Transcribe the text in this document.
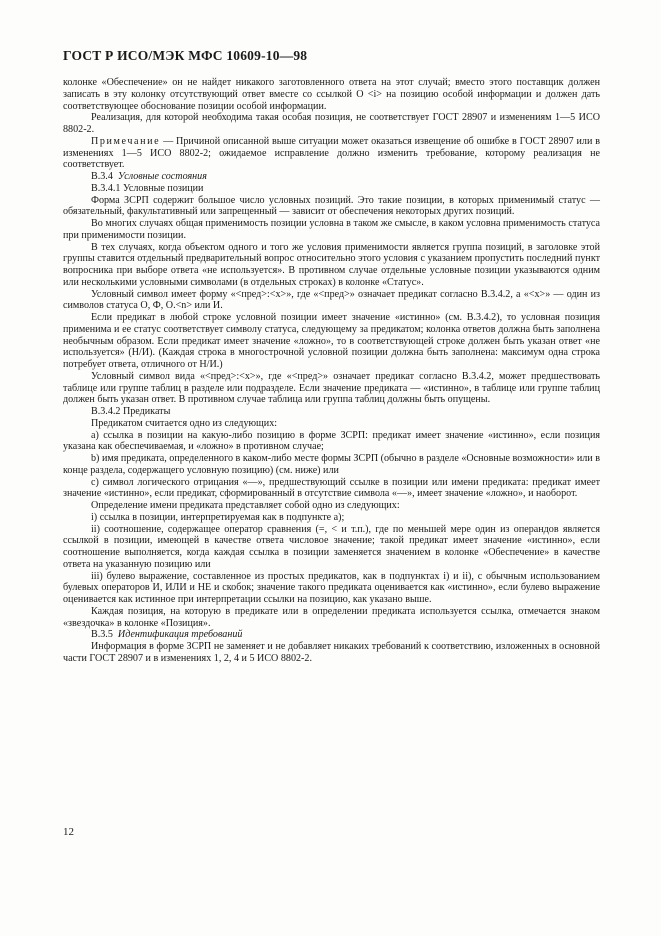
ГОСТ Р ИСО/МЭК МФС 10609-10—98

колонке «Обеспечение» он не найдет никакого заготовленного ответа на этот случай; вместо этого поставщик должен записать в эту колонку отсутствующий ответ вместе со ссылкой О <i> на позицию особой информации и должен дать соответствующее обоснование позиции особой информации.

Реализация, для которой необходима такая особая позиция, не соответствует ГОСТ 28907 и изменениям 1—5 ИСО 8802-2.

Примечание — Причиной описанной выше ситуации может оказаться извещение об ошибке в ГОСТ 28907 или в изменениях 1—5 ИСО 8802-2; ожидаемое исправление должно изменить требование, которому реализация не соответствует.

В.3.4 Условные состояния

В.3.4.1 Условные позиции

Форма ЗСРП содержит большое число условных позиций. Это такие позиции, в которых применимый статус — обязательный, факультативный или запрещенный — зависит от обеспечения некоторых других позиций.

Во многих случаях общая применимость позиции условна в таком же смысле, в каком условна применимость статуса при применимости позиции.

В тех случаях, когда объектом одного и того же условия применимости является группа позиций, в заголовке этой группы ставится отдельный предварительный вопрос относительно этого условия с указанием пропустить последний пункт вопросника при выборе ответа «не используется». В противном случае отдельные условные позиции указываются одним или несколькими условными символами (в отдельных строках) в колонке «Статус».

Условный символ имеет форму «<пред>:<х>», где «<пред>» означает предикат согласно В.3.4.2, а «<х>» — один из символов статуса О, Ф, О.<n> или И.

Если предикат в любой строке условной позиции имеет значение «истинно» (см. В.3.4.2), то условная позиция применима и ее статус соответствует символу статуса, следующему за предикатом; колонка ответов должна быть заполнена необычным образом. Если предикат имеет значение «ложно», то в соответствующей строке должен быть указан ответ «не используется» (Н/И). (Каждая строка в многострочной условной позиции должна быть заполнена: максимум одна строка потребует ответа, отличного от Н/И.)

Условный символ вида «<пред>:<х>», где «<пред>» означает предикат согласно В.3.4.2, может предшествовать таблице или группе таблиц в разделе или подразделе. Если значение предиката — «истинно», в таблице или группе таблиц должен быть указан ответ. В противном случае таблица или группа таблиц должны быть опущены.

В.3.4.2 Предикаты

Предикатом считается одно из следующих:

а) ссылка в позиции на какую-либо позицию в форме ЗСРП: предикат имеет значение «истинно», если позиция указана как обеспечиваемая, и «ложно» в противном случае;

b) имя предиката, определенного в каком-либо месте формы ЗСРП (обычно в разделе «Основные возможности» или в конце раздела, содержащего условную позицию) (см. ниже) или

с) символ логического отрицания «—», предшествующий ссылке в позиции или имени предиката: предикат имеет значение «истинно», если предикат, сформированный в отсутствие символа «—», имеет значение «ложно», и наоборот.

Определение имени предиката представляет собой одно из следующих:

i) ссылка в позиции, интерпретируемая как в подпункте а);

ii) соотношение, содержащее оператор сравнения (=, < и т.п.), где по меньшей мере один из операндов является ссылкой в позиции, имеющей в качестве ответа числовое значение; такой предикат имеет значение «истинно», если соотношение выполняется, когда каждая ссылка в позиции заменяется значением в колонке «Обеспечение» в качестве ответа на указанную позицию или

iii) булево выражение, составленное из простых предикатов, как в подпунктах i) и ii), с обычным использованием булевых операторов И, ИЛИ и НЕ и скобок; значение такого предиката оценивается как «истинно», если булево выражение оценивается как истинное при интерпретации ссылки на позицию, как указано выше.

Каждая позиция, на которую в предикате или в определении предиката используется ссылка, отмечается знаком «звездочка» в колонке «Позиция».

В.3.5 Идентификация требований

Информация в форме ЗСРП не заменяет и не добавляет никаких требований к соответствию, изложенных в основной части ГОСТ 28907 и в изменениях 1, 2, 4 и 5 ИСО 8802-2.

12
